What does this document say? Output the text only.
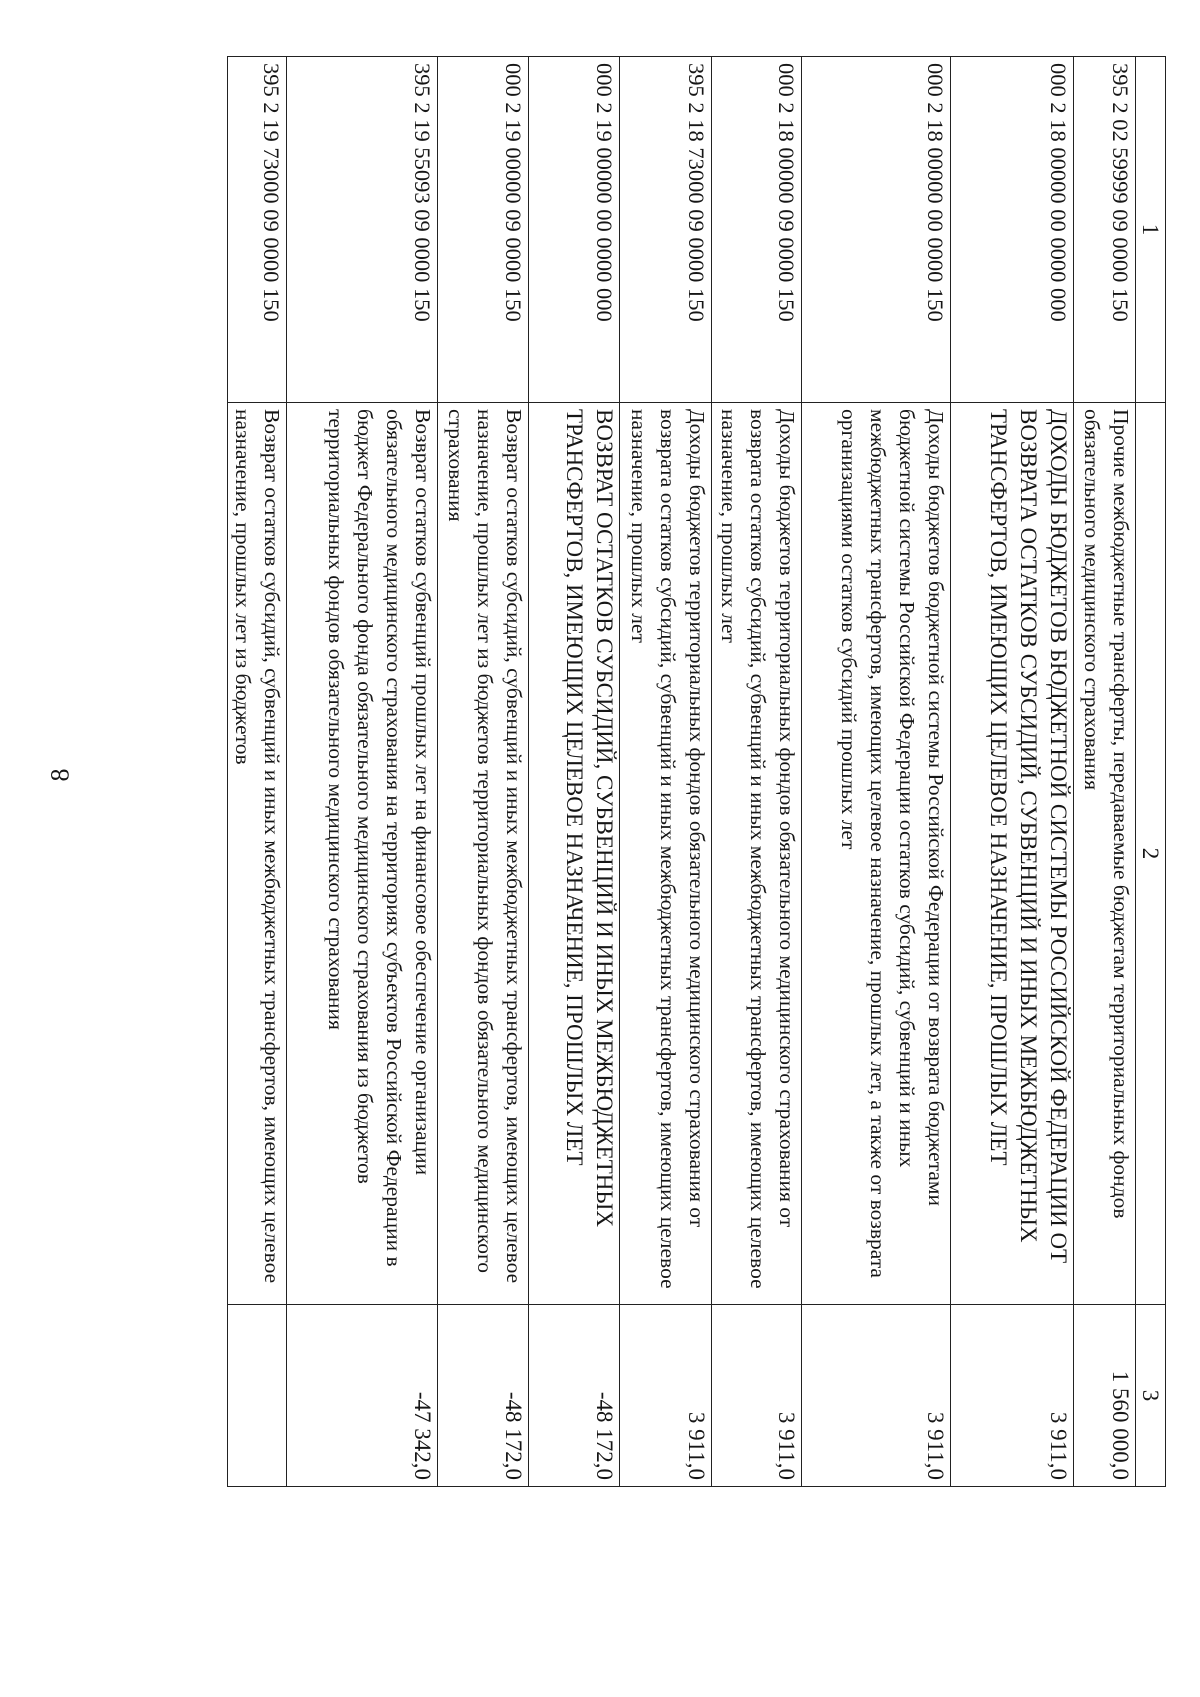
8
1	2	3
395 2 02 59999 09 0000 150	Прочие межбюджетные трансферты, передаваемые бюджетам территориальных фондов обязательного медицинского страхования	1 560 000,0
000 2 18 00000 00 0000 000	ДОХОДЫ БЮДЖЕТОВ БЮДЖЕТНОЙ СИСТЕМЫ РОССИЙСКОЙ ФЕДЕРАЦИИ ОТ ВОЗВРАТА ОСТАТКОВ СУБСИДИЙ, СУБВЕНЦИЙ И ИНЫХ МЕЖБЮДЖЕТНЫХ ТРАНСФЕРТОВ, ИМЕЮЩИХ ЦЕЛЕВОЕ НАЗНАЧЕНИЕ, ПРОШЛЫХ ЛЕТ	3 911,0
000 2 18 00000 00 0000 150	Доходы бюджетов бюджетной системы Российской Федерации от возврата бюджетами бюджетной системы Российской Федерации остатков субсидий, субвенций и иных межбюджетных трансфертов, имеющих целевое назначение, прошлых лет, а также от возврата организациями остатков субсидий прошлых лет	3 911,0
000 2 18 00000 09 0000 150	Доходы бюджетов территориальных фондов обязательного медицинского страхования от возврата остатков субсидий, субвенций и иных межбюджетных трансфертов, имеющих целевое назначение, прошлых лет	3 911,0
395 2 18 73000 09 0000 150	Доходы бюджетов территориальных фондов обязательного медицинского страхования от возврата остатков субсидий, субвенций и иных межбюджетных трансфертов, имеющих целевое назначение, прошлых лет	3 911,0
000 2 19 00000 00 0000 000	ВОЗВРАТ ОСТАТКОВ СУБСИДИЙ, СУБВЕНЦИЙ И ИНЫХ МЕЖБЮДЖЕТНЫХ ТРАНСФЕРТОВ, ИМЕЮЩИХ ЦЕЛЕВОЕ НАЗНАЧЕНИЕ, ПРОШЛЫХ ЛЕТ	-48 172,0
000 2 19 00000 09 0000 150	Возврат остатков субсидий, субвенций и иных межбюджетных трансфертов, имеющих целевое назначение, прошлых лет из бюджетов территориальных фондов обязательного медицинского страхования	-48 172,0
395 2 19 55093 09 0000 150	Возврат остатков субвенций прошлых лет на финансовое обеспечение организации обязательного медицинского страхования на территориях субъектов Российской Федерации в бюджет Федерального фонда обязательного медицинского страхования из бюджетов территориальных фондов обязательного медицинского страхования	-47 342,0
395 2 19 73000 09 0000 150	Возврат остатков субсидий, субвенций и иных межбюджетных трансфертов, имеющих целевое назначение, прошлых лет из бюджетов	
